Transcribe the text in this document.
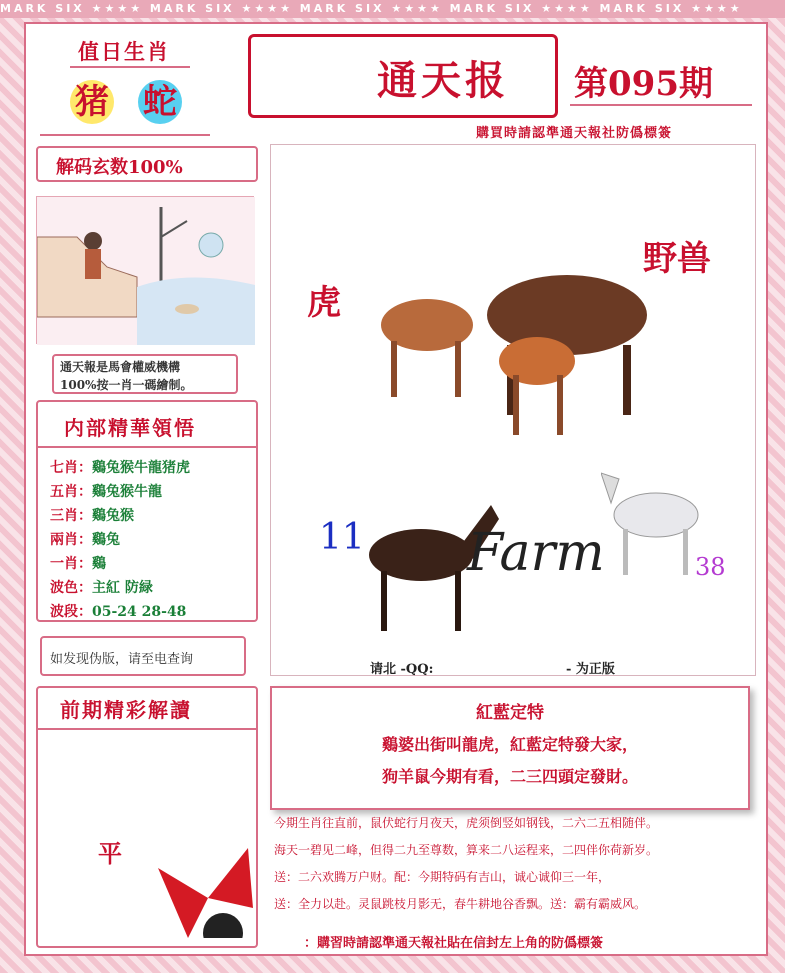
MARK SIX ★★★★ MARK SIX ★★★★ MARK SIX ★★★★ MARK SIX ★★★★ MARK SIX ★★★★
值日生肖
猪 蛇	通天报 第095期
購買時請認準通天報社防僞標簽
解码玄数100%
通天報是馬會權威機構
100%按一肖一碼繪制。
内部精華領悟
七肖：鷄兔猴牛龍猪虎
五肖：鷄兔猴牛龍
三肖：鷄兔猴
兩肖：鷄兔
一肖：鷄
波色：主紅 防緑
波段：05-24 28-48
如发现伪版，请至电查询
前期精彩解讀
平
虎
野兽
11
38
Farm
请北 -QQ:	- 为正版
紅藍定特
鷄婆出街叫龍虎，紅藍定特發大家，
狗羊鼠今期有看，二三四頭定發財。
今期生肖往直前，鼠伏蛇行月夜天，虎须倒竖如钢钱，二六二五相随伴。
海天一碧见二峰，但得二九至尊数，算来二八运程来，二四伴你荷新岁。
送：二六欢腾万户财。配：今期特码有吉山，诚心诚仰三一年，
送：全力以赴。灵鼠跳枝月影无，春牛耕地谷香飘。送：霸有霸威风。
：購習時請認準通天報社貼在信封左上角的防僞標簽
